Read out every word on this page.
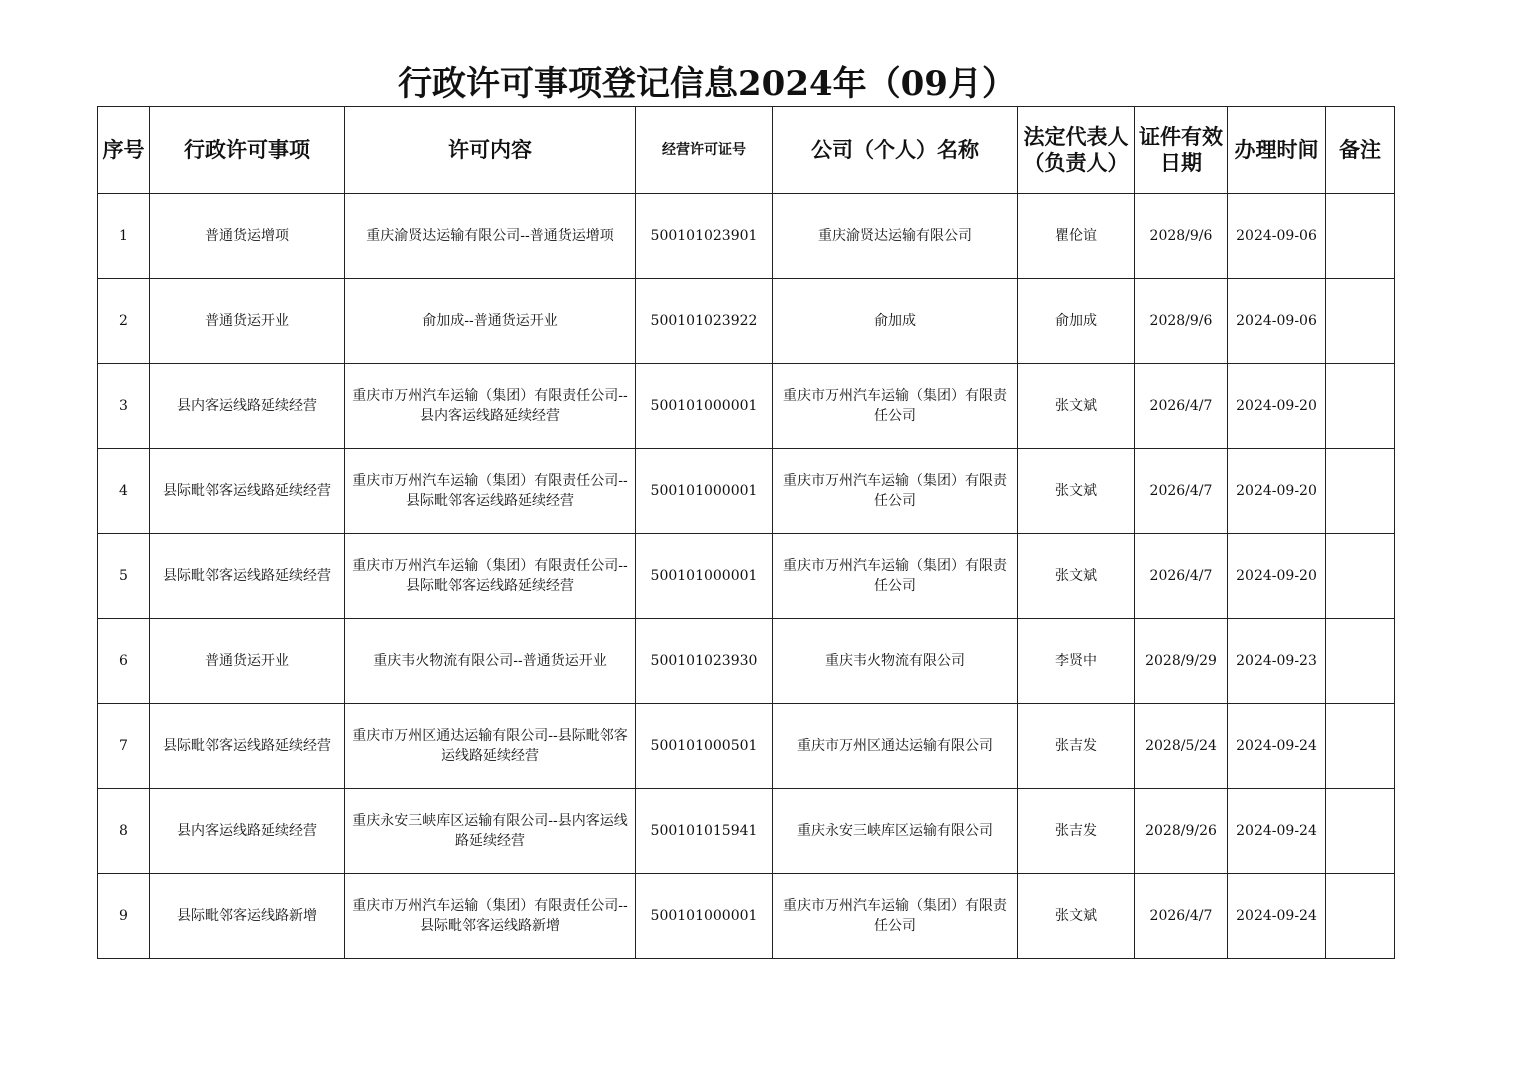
行政许可事项登记信息2024年（09月）
序号	行政许可事项	许可内容	经营许可证号	公司（个人）名称	法定代表人（负责人）	证件有效日期	办理时间	备注
1	普通货运增项	重庆渝贤达运输有限公司--普通货运增项	500101023901	重庆渝贤达运输有限公司	瞿伦谊	2028/9/6	2024-09-06	
2	普通货运开业	俞加成--普通货运开业	500101023922	俞加成	俞加成	2028/9/6	2024-09-06	
3	县内客运线路延续经营	重庆市万州汽车运输（集团）有限责任公司--县内客运线路延续经营	500101000001	重庆市万州汽车运输（集团）有限责任公司	张文斌	2026/4/7	2024-09-20	
4	县际毗邻客运线路延续经营	重庆市万州汽车运输（集团）有限责任公司--县际毗邻客运线路延续经营	500101000001	重庆市万州汽车运输（集团）有限责任公司	张文斌	2026/4/7	2024-09-20	
5	县际毗邻客运线路延续经营	重庆市万州汽车运输（集团）有限责任公司--县际毗邻客运线路延续经营	500101000001	重庆市万州汽车运输（集团）有限责任公司	张文斌	2026/4/7	2024-09-20	
6	普通货运开业	重庆韦火物流有限公司--普通货运开业	500101023930	重庆韦火物流有限公司	李贤中	2028/9/29	2024-09-23	
7	县际毗邻客运线路延续经营	重庆市万州区通达运输有限公司--县际毗邻客运线路延续经营	500101000501	重庆市万州区通达运输有限公司	张吉发	2028/5/24	2024-09-24	
8	县内客运线路延续经营	重庆永安三峡库区运输有限公司--县内客运线路延续经营	500101015941	重庆永安三峡库区运输有限公司	张吉发	2028/9/26	2024-09-24	
9	县际毗邻客运线路新增	重庆市万州汽车运输（集团）有限责任公司--县际毗邻客运线路新增	500101000001	重庆市万州汽车运输（集团）有限责任公司	张文斌	2026/4/7	2024-09-24	
